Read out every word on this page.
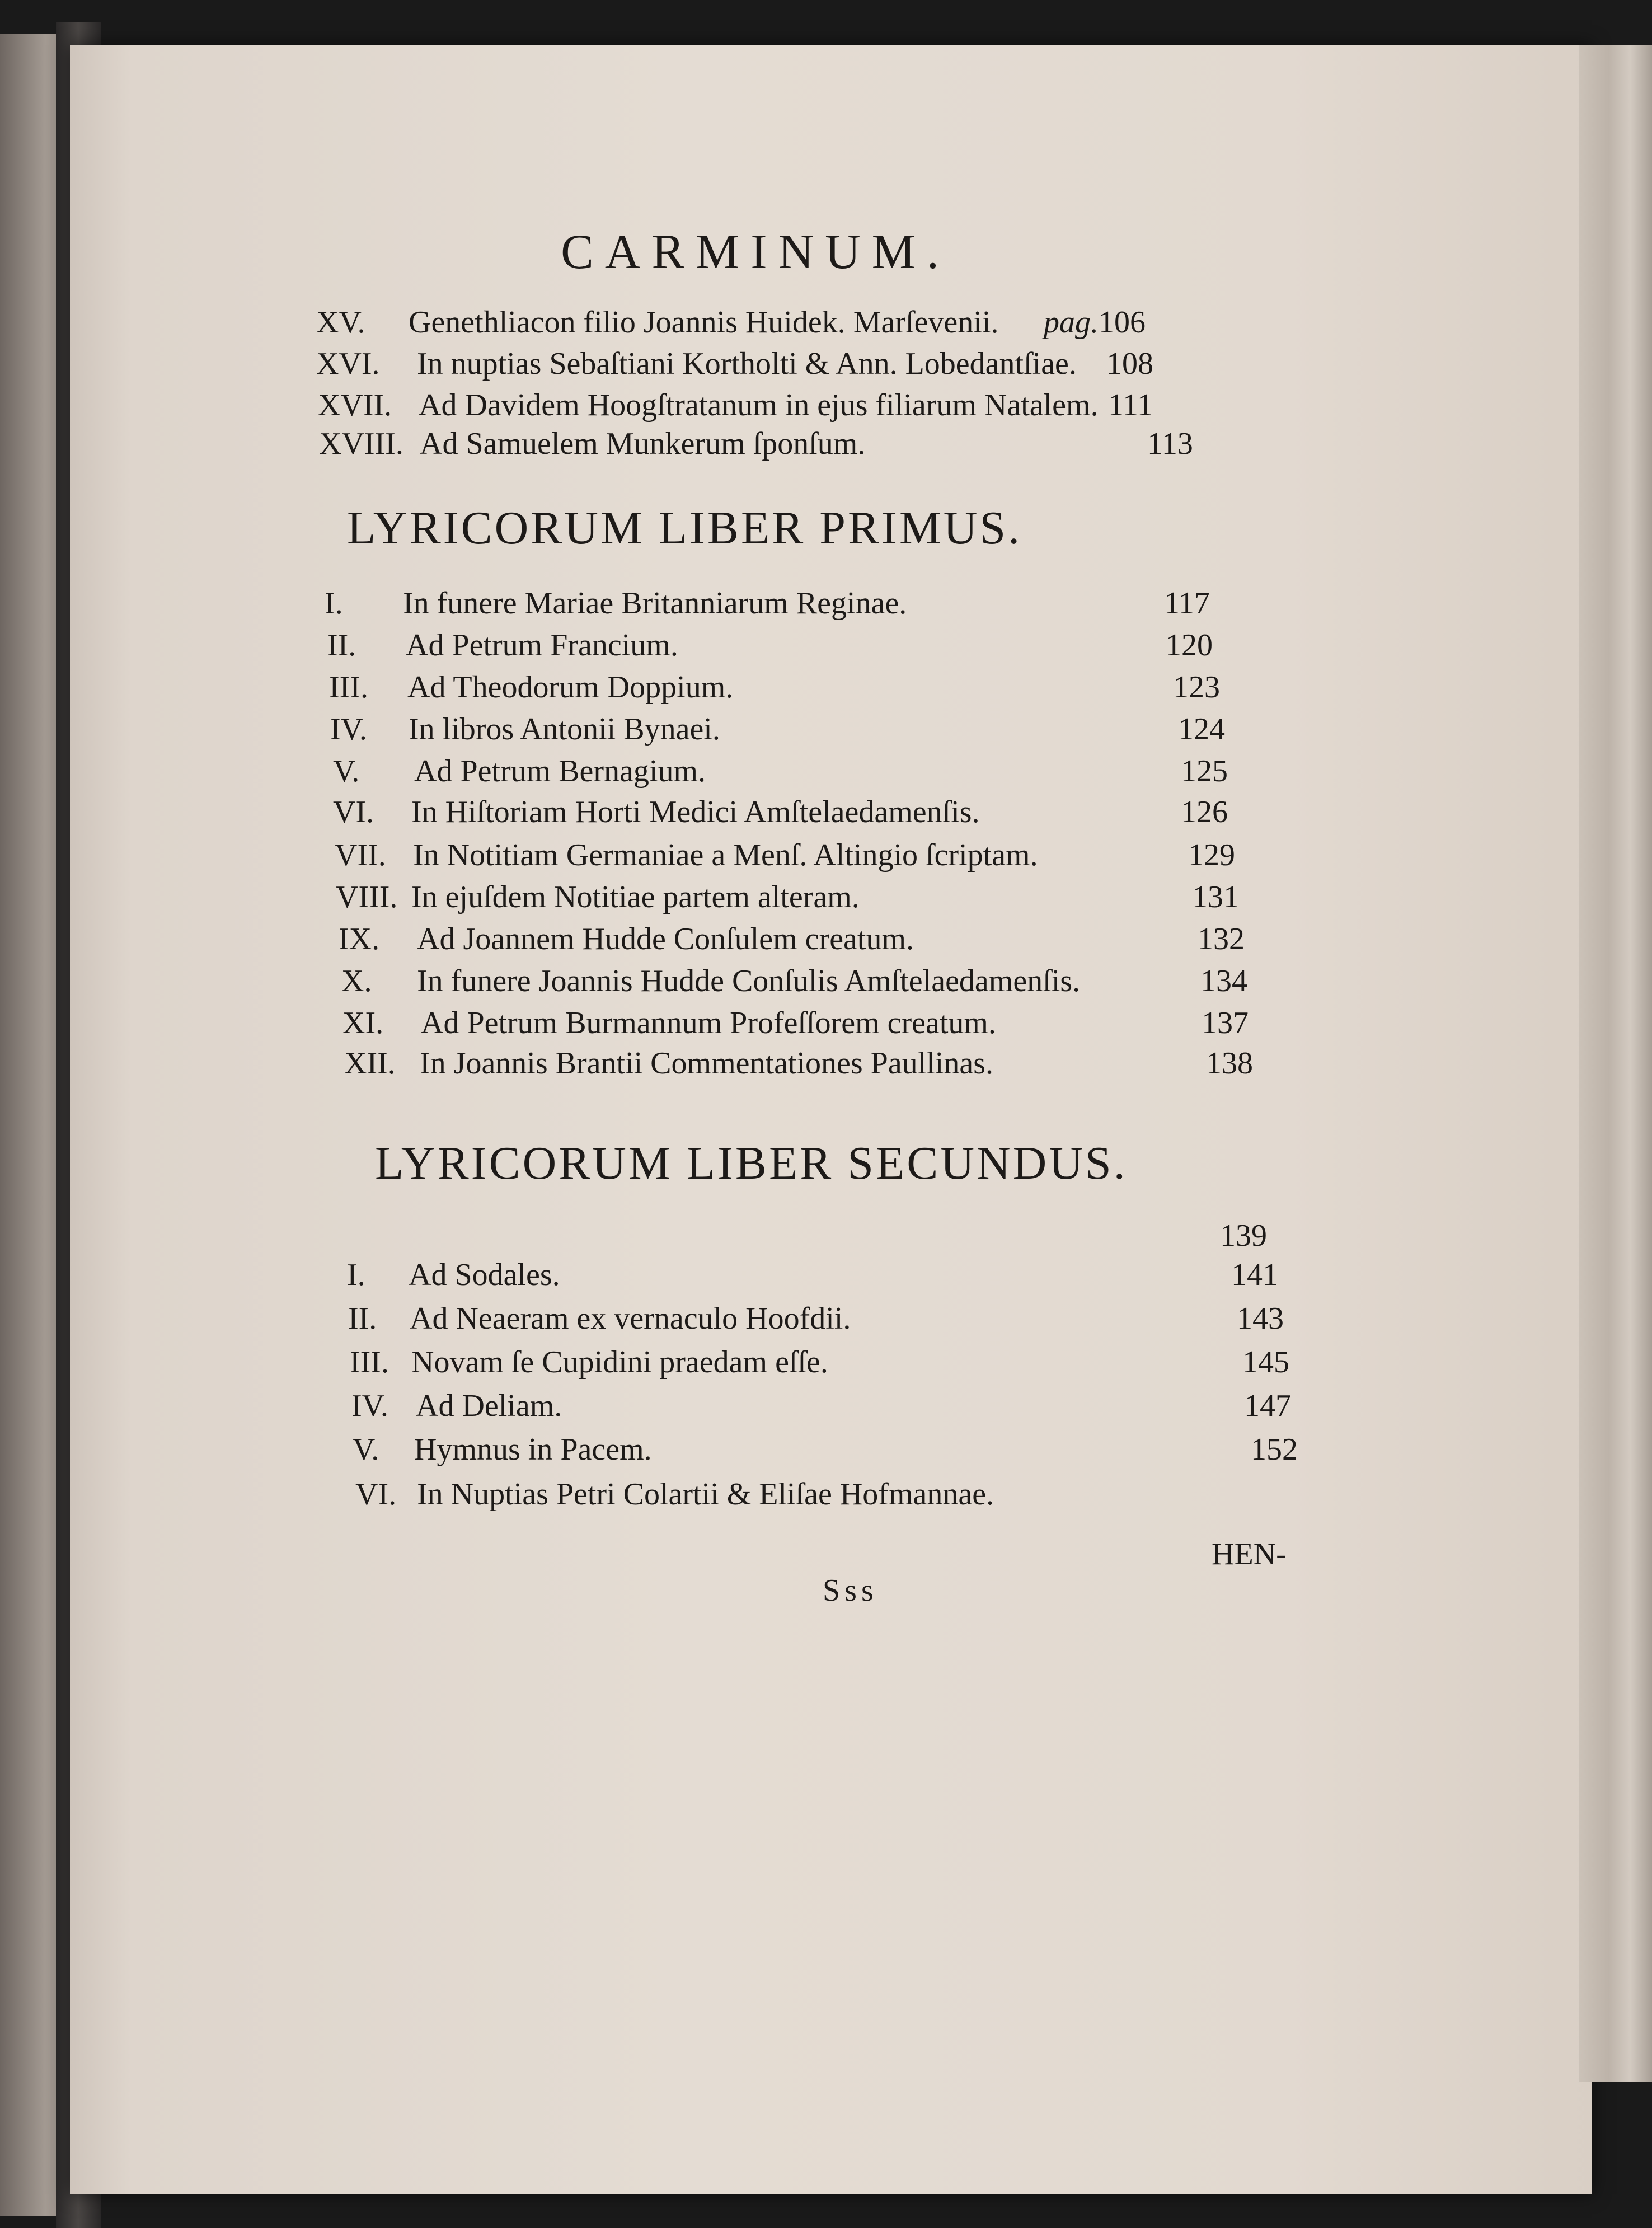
CARMINUM.
XV. Genethliacon filio Joannis Huidek. Marſevenii. pag.106
XVI. In nuptias Sebaſtiani Kortholti & Ann. Lobedantſiae. 108
XVII. Ad Davidem Hoogſtratanum in ejus filiarum Natalem. 111
XVIII. Ad Samuelem Munkerum ſponſum.	113
LYRICORUM LIBER PRIMUS.
I. In funere Mariae Britanniarum Reginae.	117
II. Ad Petrum Francium.	120
III. Ad Theodorum Doppium.	123
IV. In libros Antonii Bynaei.	124
V. Ad Petrum Bernagium.	125
VI. In Hiſtoriam Horti Medici Amſtelaedamenſis.	126
VII. In Notitiam Germaniae a Menſ. Altingio ſcriptam.	129
VIII. In ejuſdem Notitiae partem alteram.	131
IX. Ad Joannem Hudde Conſulem creatum.	132
X. In funere Joannis Hudde Conſulis Amſtelaedamenſis.	134
XI. Ad Petrum Burmannum Profeſſorem creatum.	137
XII. In Joannis Brantii Commentationes Paullinas.	138
LYRICORUM LIBER SECUNDUS.
139
I. Ad Sodales.	141
II. Ad Neaeram ex vernaculo Hoofdii.	143
III. Novam ſe Cupidini praedam eſſe.	145
IV. Ad Deliam.	147
V. Hymnus in Pacem.	152
VI. In Nuptias Petri Colartii & Eliſae Hofmannae.
Sss
HEN-
